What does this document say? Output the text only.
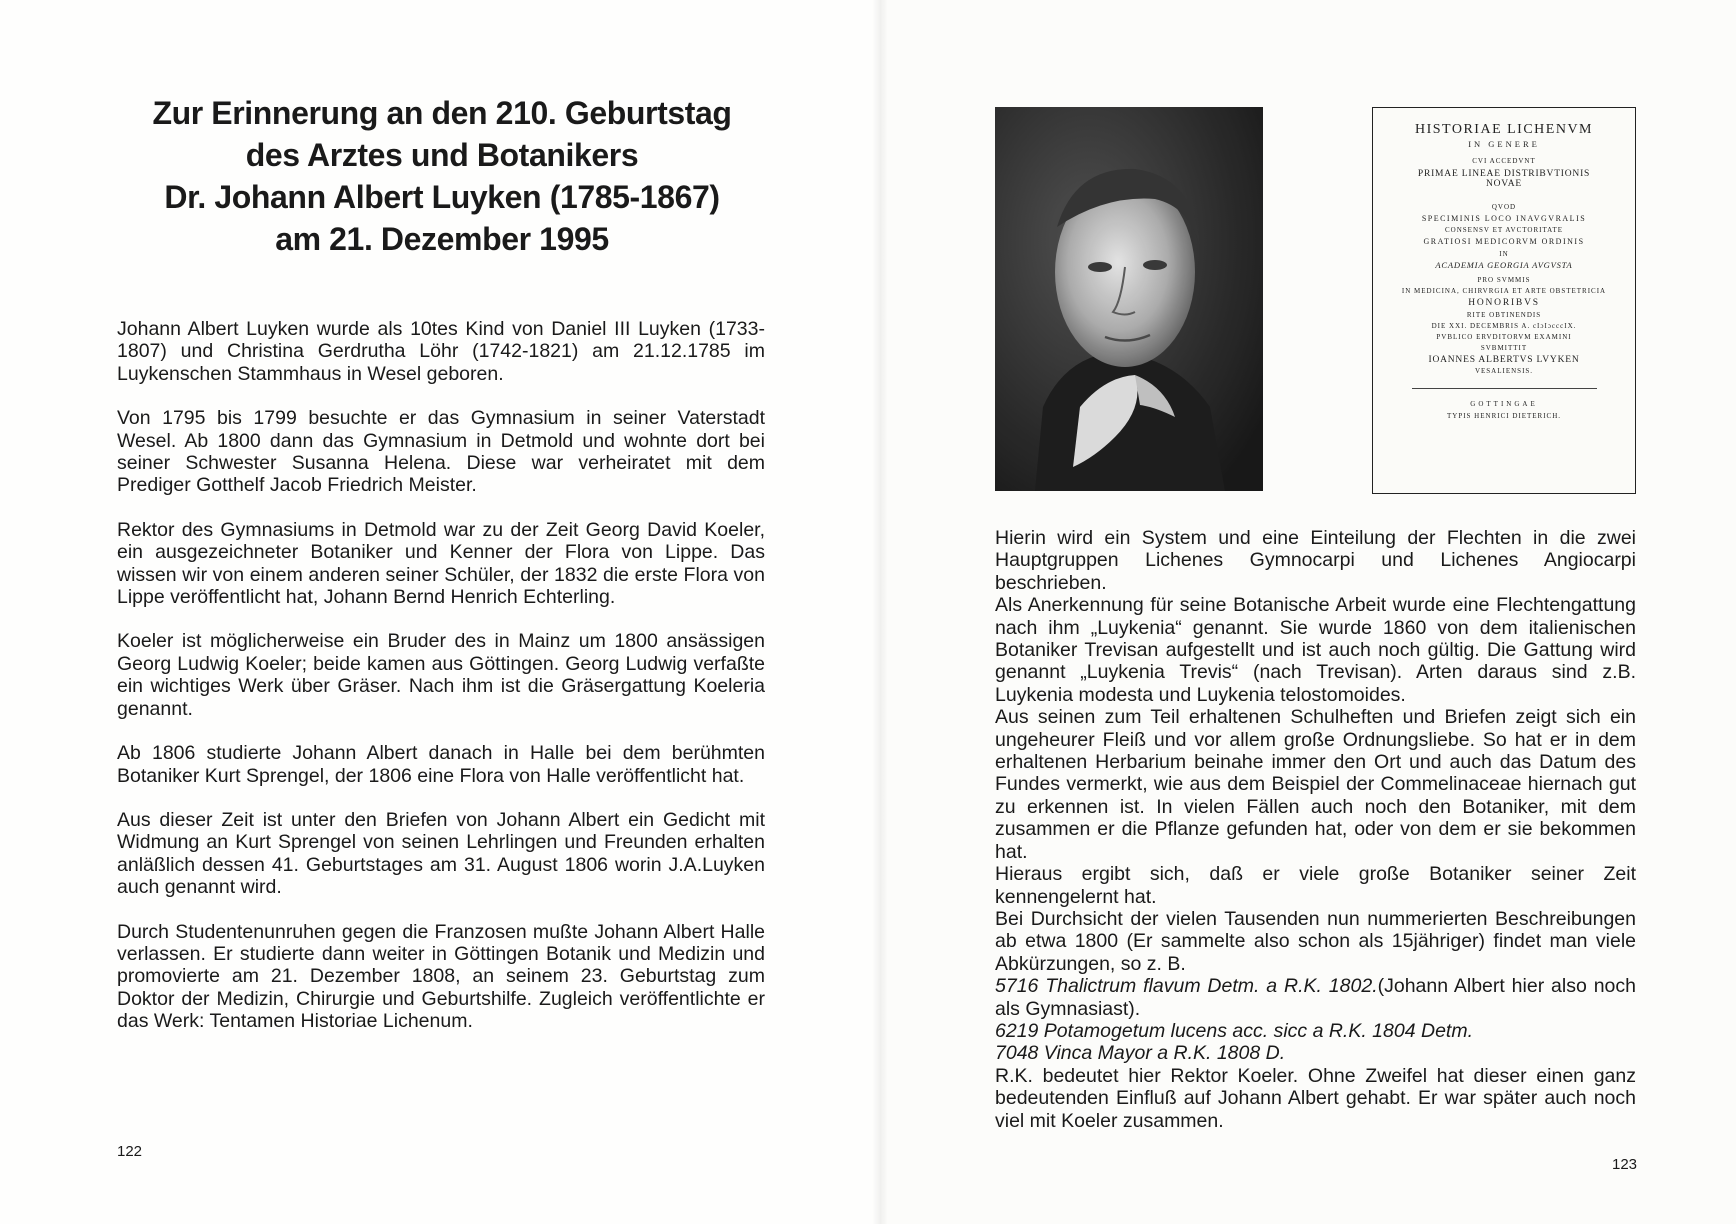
Zur Erinnerung an den 210. Geburtstag
des Arztes und Botanikers
Dr. Johann Albert Luyken (1785-1867)
am 21. Dezember 1995

Johann Albert Luyken wurde als 10tes Kind von Daniel III Luyken (1733-1807) und Christina Gerdrutha Löhr (1742-1821) am 21.12.1785 im Luykenschen Stammhaus in Wesel geboren.

Von 1795 bis 1799 besuchte er das Gymnasium in seiner Vaterstadt Wesel. Ab 1800 dann das Gymnasium in Detmold und wohnte dort bei seiner Schwester Susanna Helena. Diese war verheiratet mit dem Prediger Gotthelf Jacob Friedrich Meister.

Rektor des Gymnasiums in Detmold war zu der Zeit Georg David Koeler, ein ausgezeichneter Botaniker und Kenner der Flora von Lippe. Das wissen wir von einem anderen seiner Schüler, der 1832 die erste Flora von Lippe veröffentlicht hat, Johann Bernd Henrich Echterling.

Koeler ist möglicherweise ein Bruder des in Mainz um 1800 ansässigen Georg Ludwig Koeler; beide kamen aus Göttingen. Georg Ludwig verfaßte ein wichtiges Werk über Gräser. Nach ihm ist die Gräsergattung Koeleria genannt.

Ab 1806 studierte Johann Albert danach in Halle bei dem berühmten Botaniker Kurt Sprengel, der 1806 eine Flora von Halle veröffentlicht hat.

Aus dieser Zeit ist unter den Briefen von Johann Albert ein Gedicht mit Widmung an Kurt Sprengel von seinen Lehrlingen und Freunden erhalten anläßlich dessen 41. Geburtstages am 31. August 1806 worin J.A.Luyken auch genannt wird.

Durch Studentenunruhen gegen die Franzosen mußte Johann Albert Halle verlassen. Er studierte dann weiter in Göttingen Botanik und Medizin und promovierte am 21. Dezember 1808, an seinem 23. Geburtstag zum Doktor der Medizin, Chirurgie und Geburtshilfe. Zugleich veröffentlichte er das Werk: Tentamen Historiae Lichenum.

122
HISTORIAE LICHENVM
IN GENERE
CVI ACCEDVNT
PRIMAE LINEAE DISTRIBVTIONIS
NOVAE
QVOD
SPECIMINIS LOCO INAVGVRALIS
CONSENSV ET AVCTORITATE
GRATIOSI MEDICORVM ORDINIS
IN
ACADEMIA GEORGIA AVGVSTA
PRO SVMMIS
IN MEDICINA, CHIRVRGIA ET ARTE OBSTETRICIA
HONORIBVS
RITE OBTINENDIS
DIE XXI. DECEMBRIS A. cIɔIɔcccIX.
PVBLICO ERVDITORVM EXAMINI
SVBMITTIT
IOANNES ALBERTVS LVYKEN
VESALIENSIS.
GOTTINGAE
TYPIS HENRICI DIETERICH.

Hierin wird ein System und eine Einteilung der Flechten in die zwei Hauptgruppen Lichenes Gymnocarpi und Lichenes Angiocarpi beschrieben.

Als Anerkennung für seine Botanische Arbeit wurde eine Flechtengattung nach ihm „Luykenia“ genannt. Sie wurde 1860 von dem italienischen Botaniker Trevisan aufgestellt und ist auch noch gültig. Die Gattung wird genannt „Luykenia Trevis“ (nach Trevisan). Arten daraus sind z.B. Luykenia modesta und Luykenia telostomoides.

Aus seinen zum Teil erhaltenen Schulheften und Briefen zeigt sich ein ungeheurer Fleiß und vor allem große Ordnungsliebe. So hat er in dem erhaltenen Herbarium beinahe immer den Ort und auch das Datum des Fundes vermerkt, wie aus dem Beispiel der Commelinaceae hiernach gut zu erkennen ist. In vielen Fällen auch noch den Botaniker, mit dem zusammen er die Pflanze gefunden hat, oder von dem er sie bekommen hat.

Hieraus ergibt sich, daß er viele große Botaniker seiner Zeit kennengelernt hat.

Bei Durchsicht der vielen Tausenden nun nummerierten Beschreibungen ab etwa 1800 (Er sammelte also schon als 15jähriger) findet man viele Abkürzungen, so z. B.

5716 Thalictrum flavum Detm. a R.K. 1802.(Johann Albert hier also noch als Gymnasiast).

6219 Potamogetum lucens acc. sicc a R.K. 1804 Detm.

7048 Vinca Mayor a R.K. 1808 D.

R.K. bedeutet hier Rektor Koeler. Ohne Zweifel hat dieser einen ganz bedeutenden Einfluß auf Johann Albert gehabt. Er war später auch noch viel mit Koeler zusammen.

123
